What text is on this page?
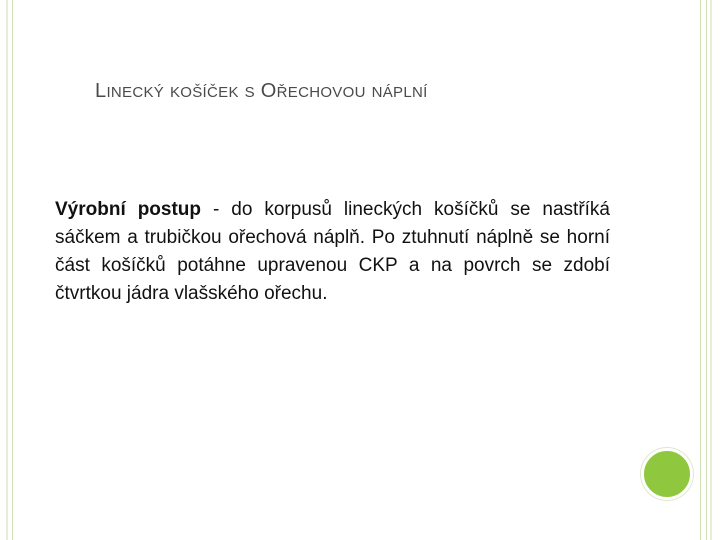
LINECKÝ KOŠÍČEK S OŘECHOVOU NÁPLNÍ
Výrobní postup - do korpusů lineckých košíčků se nastříká sáčkem a trubičkou ořechová náplň. Po ztuhnutí náplně se horní část košíčků potáhne upravenou CKP a na povrch se zdobí čtvrtkou jádra vlašského ořechu.
